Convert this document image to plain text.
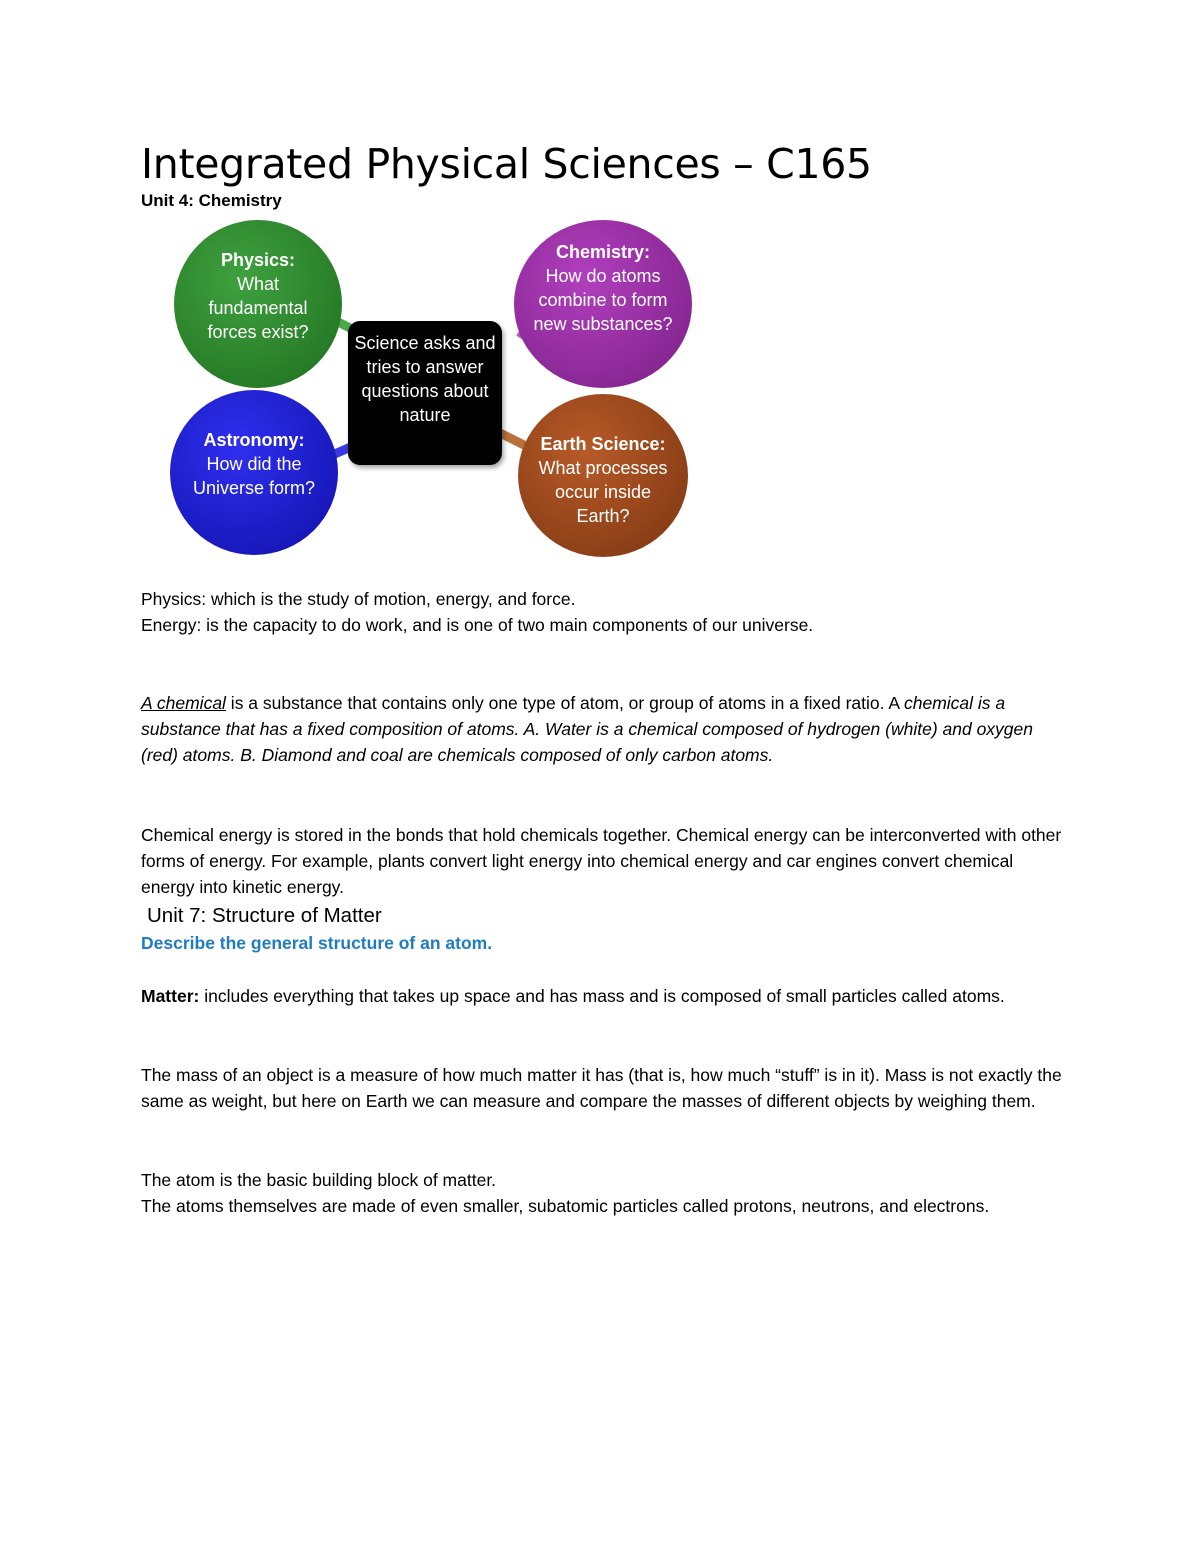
Integrated Physical Sciences – C165
Unit 4: Chemistry
Physics:
What fundamental forces exist?
Chemistry:
How do atoms combine to form new substances?
Astronomy:
How did the Universe form?
Earth Science:
What processes occur inside Earth?
Science asks and tries to answer questions about nature

Physics: which is the study of motion, energy, and force.

Energy: is the capacity to do work, and is one of two main components of our universe.

A chemical is a substance that contains only one type of atom, or group of atoms in a fixed ratio. A chemical is a substance that has a fixed composition of atoms. A. Water is a chemical composed of hydrogen (white) and oxygen (red) atoms. B. Diamond and coal are chemicals composed of only carbon atoms.

Chemical energy is stored in the bonds that hold chemicals together. Chemical energy can be interconverted with other forms of energy. For example, plants convert light energy into chemical energy and car engines convert chemical energy into kinetic energy.

Unit 7: Structure of Matter
Describe the general structure of an atom.

Matter: includes everything that takes up space and has mass and is composed of small particles called atoms.

The mass of an object is a measure of how much matter it has (that is, how much “stuff” is in it). Mass is not exactly the same as weight, but here on Earth we can measure and compare the masses of different objects by weighing them.

The atom is the basic building block of matter.

The atoms themselves are made of even smaller, subatomic particles called protons, neutrons, and electrons.
